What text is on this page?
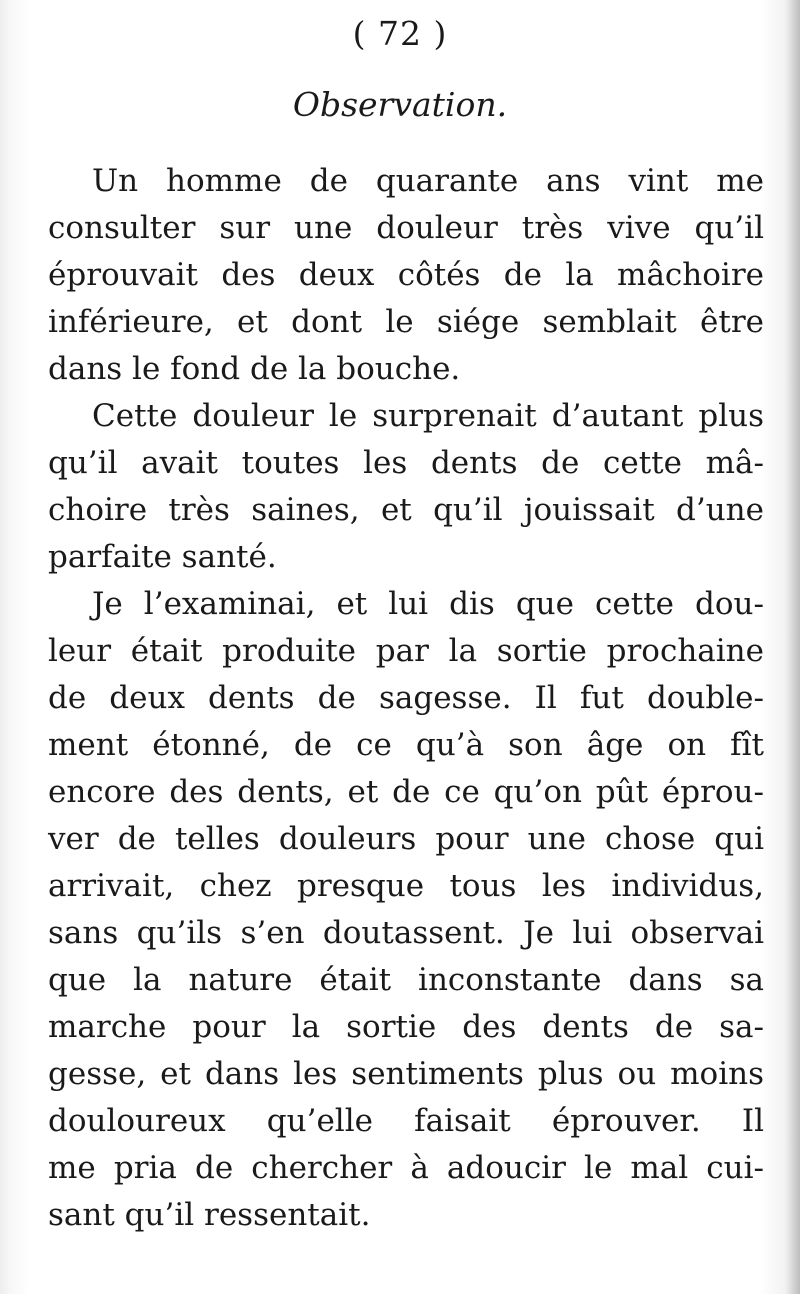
( 72 )
Observation.
Un homme de quarante ans vint me
consulter sur une douleur très vive qu’il
éprouvait des deux côtés de la mâchoire
inférieure, et dont le siége semblait être
dans le fond de la bouche.
Cette douleur le surprenait d’autant plus
qu’il avait toutes les dents de cette mâ-
choire très saines, et qu’il jouissait d’une
parfaite santé.
Je l’examinai, et lui dis que cette dou-
leur était produite par la sortie prochaine
de deux dents de sagesse. Il fut double-
ment étonné, de ce qu’à son âge on fît
encore des dents, et de ce qu’on pût éprou-
ver de telles douleurs pour une chose qui
arrivait, chez presque tous les individus,
sans qu’ils s’en doutassent. Je lui observai
que la nature était inconstante dans sa
marche pour la sortie des dents de sa-
gesse, et dans les sentiments plus ou moins
douloureux qu’elle faisait éprouver. Il
me pria de chercher à adoucir le mal cui-
sant qu’il ressentait.
